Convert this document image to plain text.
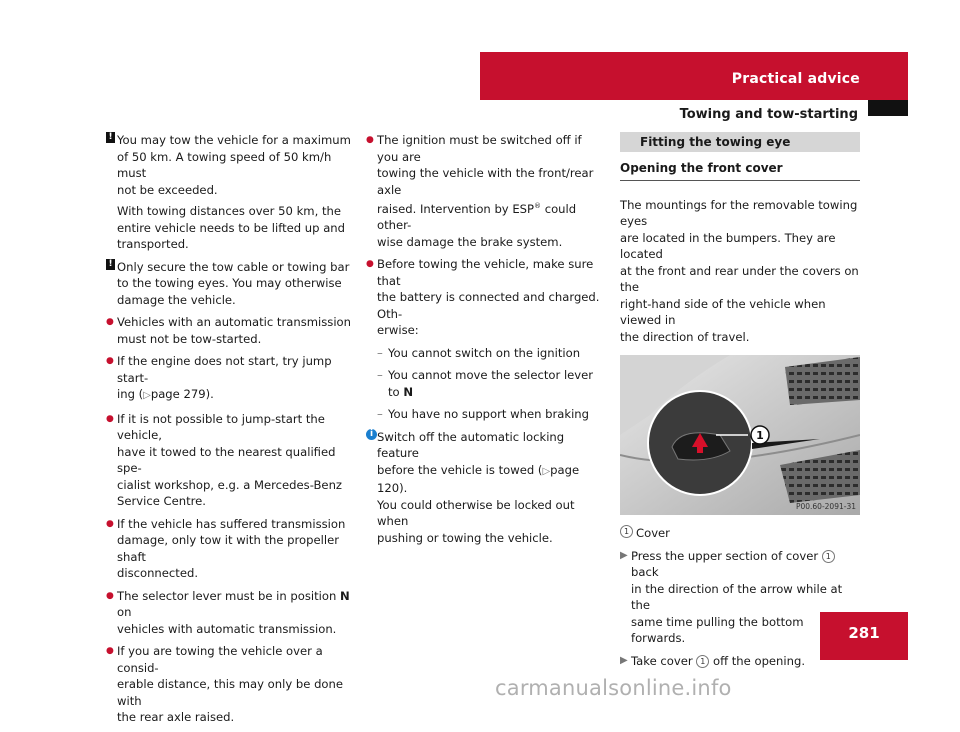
Practical advice
Towing and tow-starting
! You may tow the vehicle for a maximum
of 50 km. A towing speed of 50 km/h must
not be exceeded.
With towing distances over 50 km, the
entire vehicle needs to be lifted up and
transported.
! Only secure the tow cable or towing bar
to the towing eyes. You may otherwise
damage the vehicle.
● Vehicles with an automatic transmission
must not be tow-started.
● If the engine does not start, try jump start-
ing (▷page 279).
● If it is not possible to jump-start the vehicle,
have it towed to the nearest qualified spe-
cialist workshop, e.g. a Mercedes-Benz
Service Centre.
● If the vehicle has suffered transmission
damage, only tow it with the propeller shaft
disconnected.
● The selector lever must be in position N on
vehicles with automatic transmission.
● If you are towing the vehicle over a consid-
erable distance, this may only be done with
the rear axle raised.
● The ignition must be switched off if you are
towing the vehicle with the front/rear axle
raised. Intervention by ESP® could other-
wise damage the brake system.
● Before towing the vehicle, make sure that
the battery is connected and charged. Oth-
erwise:
– You cannot switch on the ignition
– You cannot move the selector lever to N
– You have no support when braking
i Switch off the automatic locking feature
before the vehicle is towed (▷page 120).
You could otherwise be locked out when
pushing or towing the vehicle.
Fitting the towing eye
Opening the front cover
The mountings for the removable towing eyes
are located in the bumpers. They are located
at the front and rear under the covers on the
right-hand side of the vehicle when viewed in
the direction of travel.
1
P00.60-2091-31
1 Cover
▶ Press the upper section of cover 1 back
in the direction of the arrow while at the
same time pulling the bottom forwards.
▶ Take cover 1 off the opening.
281
carmanualsonline.info
